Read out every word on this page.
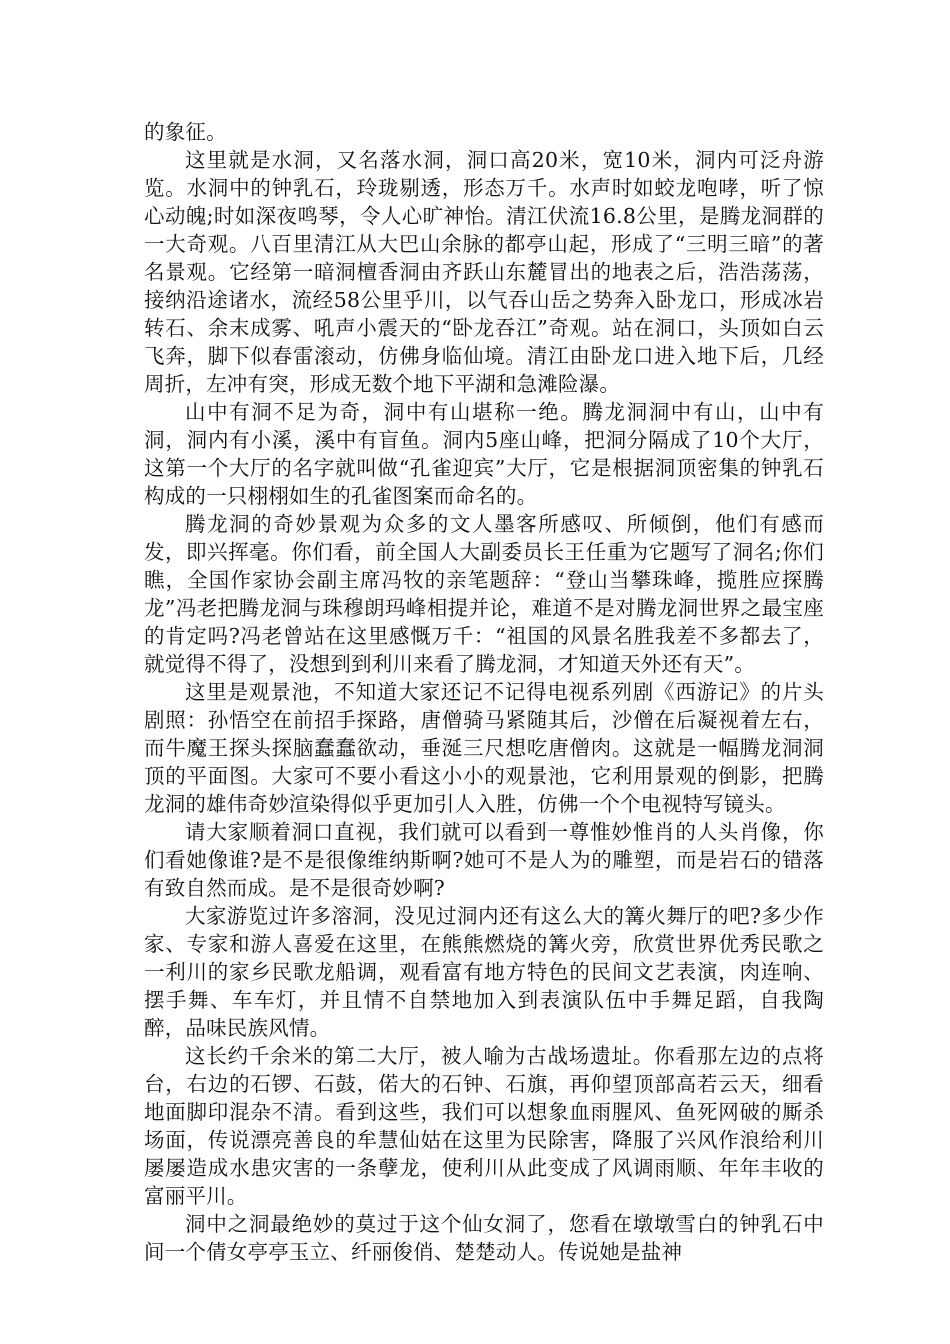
的象征。

这里就是水洞，又名落水洞，洞口高20米，宽10米，洞内可泛舟游览。水洞中的钟乳石，玲珑剔透，形态万千。水声时如蛟龙咆哮，听了惊心动魄;时如深夜鸣琴，令人心旷神怡。清江伏流16.8公里，是腾龙洞群的一大奇观。八百里清江从大巴山余脉的都亭山起，形成了“三明三暗”的著名景观。它经第一暗洞檀香洞由齐跃山东麓冒出的地表之后，浩浩荡荡，接纳沿途诸水，流经58公里乎川，以气吞山岳之势奔入卧龙口，形成冰岩转石、余末成雾、吼声小震天的“卧龙吞江”奇观。站在洞口，头顶如白云飞奔，脚下似春雷滚动，仿佛身临仙境。清江由卧龙口进入地下后，几经周折，左冲有突，形成无数个地下平湖和急滩险瀑。

山中有洞不足为奇，洞中有山堪称一绝。腾龙洞洞中有山，山中有洞，洞内有小溪，溪中有盲鱼。洞内5座山峰，把洞分隔成了10个大厅，这第一个大厅的名字就叫做“孔雀迎宾”大厅，它是根据洞顶密集的钟乳石构成的一只栩栩如生的孔雀图案而命名的。

腾龙洞的奇妙景观为众多的文人墨客所感叹、所倾倒，他们有感而发，即兴挥毫。你们看，前全国人大副委员长王任重为它题写了洞名;你们瞧，全国作家协会副主席冯牧的亲笔题辞：“登山当攀珠峰，揽胜应探腾龙”冯老把腾龙洞与珠穆朗玛峰相提并论，难道不是对腾龙洞世界之最宝座的肯定吗?冯老曾站在这里感慨万千：“祖国的风景名胜我差不多都去了，就觉得不得了，没想到到利川来看了腾龙洞，才知道天外还有天”。

这里是观景池，不知道大家还记不记得电视系列剧《西游记》的片头剧照：孙悟空在前招手探路，唐僧骑马紧随其后，沙僧在后凝视着左右，而牛魔王探头探脑蠢蠢欲动，垂涎三尺想吃唐僧肉。这就是一幅腾龙洞洞顶的平面图。大家可不要小看这小小的观景池，它利用景观的倒影，把腾龙洞的雄伟奇妙渲染得似乎更加引人入胜，仿佛一个个电视特写镜头。

请大家顺着洞口直视，我们就可以看到一尊惟妙惟肖的人头肖像，你们看她像谁?是不是很像维纳斯啊?她可不是人为的雕塑，而是岩石的错落有致自然而成。是不是很奇妙啊?

大家游览过许多溶洞，没见过洞内还有这么大的篝火舞厅的吧?多少作家、专家和游人喜爱在这里，在熊熊燃烧的篝火旁，欣赏世界优秀民歌之一利川的家乡民歌龙船调，观看富有地方特色的民间文艺表演，肉连响、摆手舞、车车灯，并且情不自禁地加入到表演队伍中手舞足蹈，自我陶醉，品味民族风情。

这长约千余米的第二大厅，被人喻为古战场遗址。你看那左边的点将台，右边的石锣、石鼓，偌大的石钟、石旗，再仰望顶部高若云天，细看地面脚印混杂不清。看到这些，我们可以想象血雨腥风、鱼死网破的厮杀场面，传说漂亮善良的牟慧仙姑在这里为民除害，降服了兴风作浪给利川屡屡造成水患灾害的一条孽龙，使利川从此变成了风调雨顺、年年丰收的富丽平川。

洞中之洞最绝妙的莫过于这个仙女洞了，您看在墩墩雪白的钟乳石中间一个倩女亭亭玉立、纤丽俊俏、楚楚动人。传说她是盐神
